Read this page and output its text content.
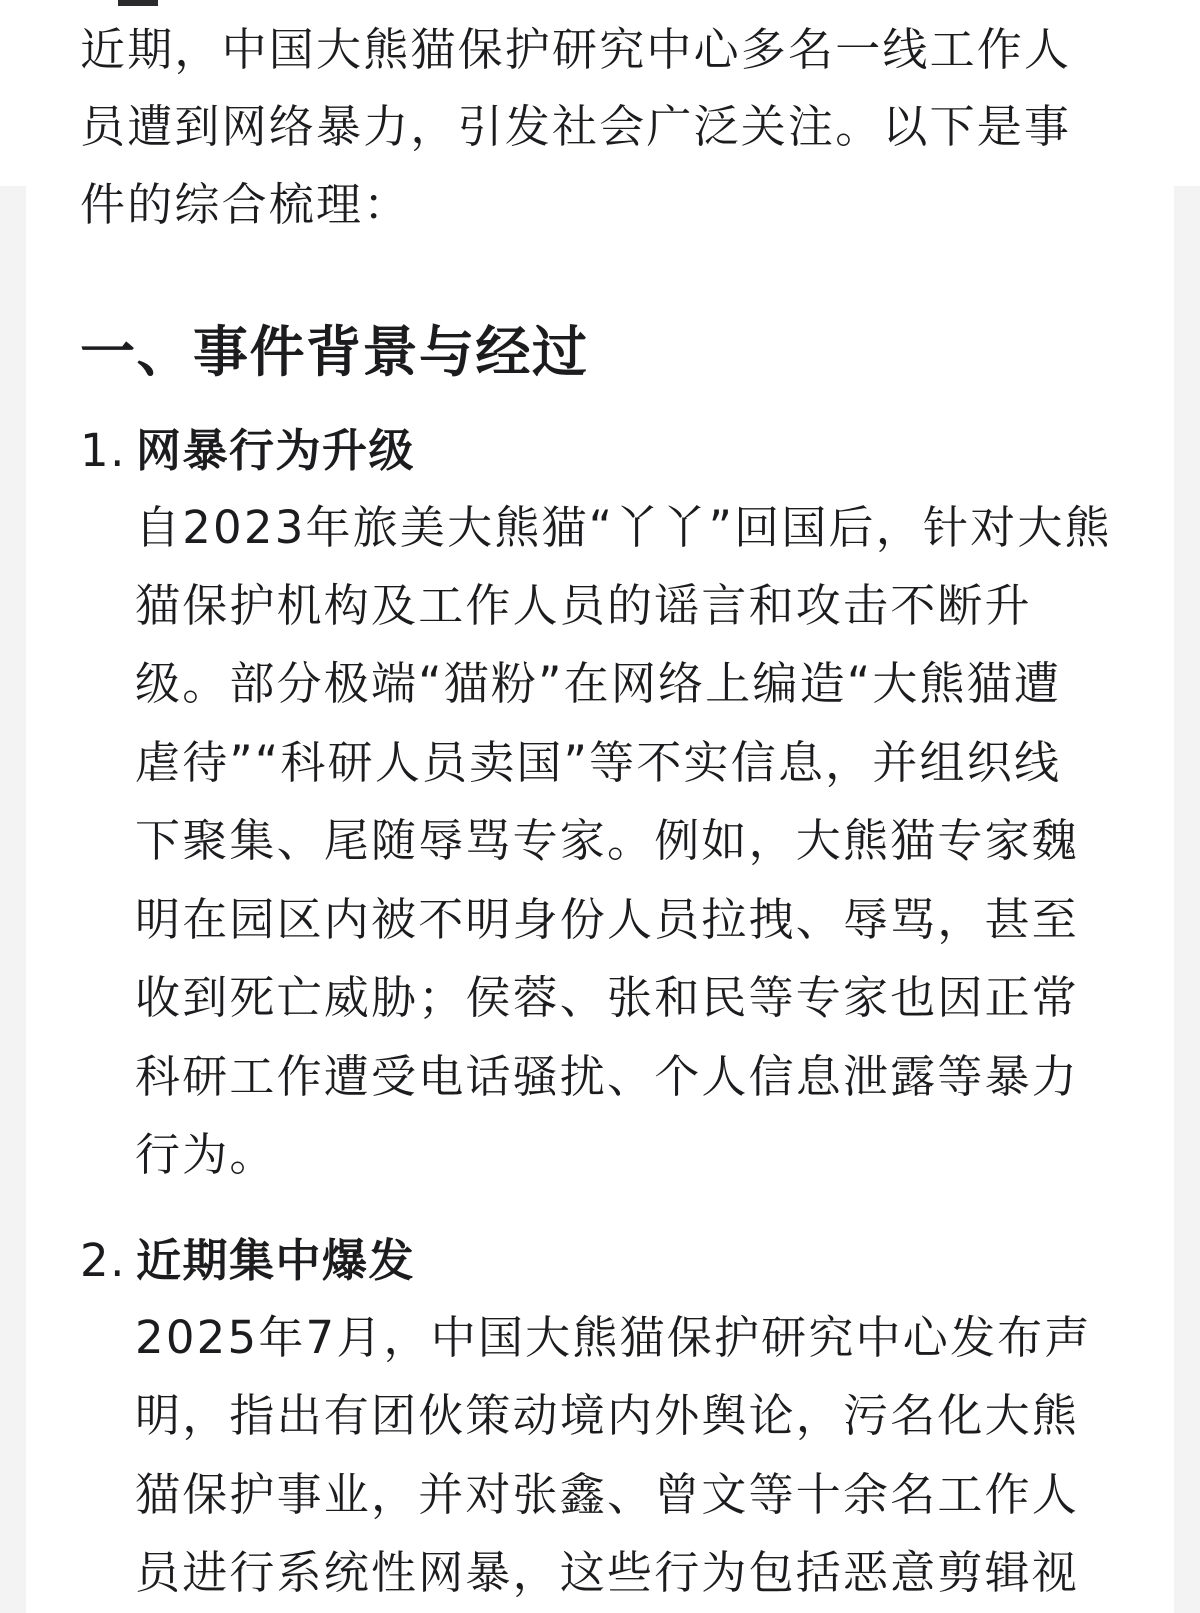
近期，中国大熊猫保护研究中心多名一线工作人

员遭到网络暴力，引发社会广泛关注。以下是事

件的综合梳理：

一、事件背景与经过
1. 网暴行为升级

自2023年旅美大熊猫“丫丫”回国后，针对大熊

猫保护机构及工作人员的谣言和攻击不断升

级。部分极端“猫粉”在网络上编造“大熊猫遭

虐待”“科研人员卖国”等不实信息，并组织线

下聚集、尾随辱骂专家。例如，大熊猫专家魏

明在园区内被不明身份人员拉拽、辱骂，甚至

收到死亡威胁；侯蓉、张和民等专家也因正常

科研工作遭受电话骚扰、个人信息泄露等暴力

行为。

2. 近期集中爆发

2025年7月，中国大熊猫保护研究中心发布声

明，指出有团伙策动境内外舆论，污名化大熊

猫保护事业，并对张鑫、曾文等十余名工作人

员进行系统性网暴，这些行为包括恶意剪辑视
